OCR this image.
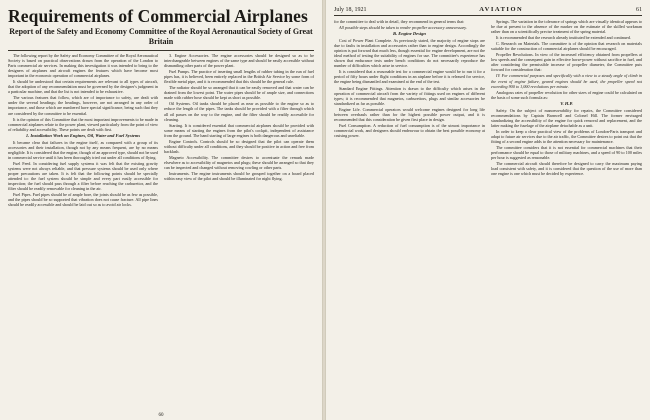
Requirements of Commercial Airplanes
Report of the Safety and Economy Committee of the Royal Aeronautical Society of Great Britain

The following report by the Safety and Economy Committee of the Royal Aeronautical Society is based on practical observations drawn from the operation of the London to Paris commercial air services. In making this investigation it was intended to bring to the designers of airplanes and aircraft engines the features which have become most important in the economic operation of commercial airplanes.

It should be understood that certain requirements are relevant to all types of aircraft, that the adoption of any recommendation must be governed by the designer's judgment in a particular machine, and that the list is not intended to be exhaustive.

The various features that follow, which are of importance to safety, are dealt with under the several headings; the headings, however, are not arranged in any order of importance, and those which are numbered have special significance, being such that they are considered by the committee to be essential.

It is the opinion of this Committee that the most important improvements to be made in commercial airplanes relate to the power plant, viewed particularly from the point of view of reliability and accessibility. These points are dealt with first.

1. Installation Work on Engines, Oil, Water and Fuel Systems

It became clear that failures in the engine itself, as compared with a group of its accessories and their installation, though not by any means frequent, are by no means negligible. It is considered that the engine, though of an approved type, should not be used in commercial service until it has been thoroughly tried out under all conditions of flying.

Fuel Feed. In considering fuel supply systems it was felt that the existing gravity systems were not always reliable, and that pressure systems should be used only where proper precautions are taken. It is felt that the following points should be specially attended to: the fuel system should be simple and every part easily accessible for inspection; the fuel should pass through a filter before reaching the carburettor, and the filter should be readily removable for cleaning in the air.

Fuel Pipes. Fuel pipes should be of ample bore, the joints should be as few as possible, and the pipes should be so supported that vibration does not cause fracture. All pipe lines should be readily accessible and should be laid out so as to avoid air locks.

3. Engine Accessories. The engine accessories should be designed so as to be interchangeable between engines of the same type and should be easily accessible without dismantling other parts of the power plant.

Fuel Pumps. The practice of inserting small lengths of rubber tubing in the run of fuel pipes has, it is believed, been entirely replaced in the British Air Service by some form of flexible metal pipe, and it is recommended that this should be the general rule.

The radiator should be so arranged that it can be easily removed and that water can be drained from the lowest point. The water pipes should be of ample size, and connections made with rubber hose should be kept as short as possible.

Oil Systems. Oil tanks should be placed as near as possible to the engine so as to reduce the length of the pipes. The tanks should be provided with a filter through which all oil passes on the way to the engine, and the filter should be readily accessible for cleaning.

Starting. It is considered essential that commercial airplanes should be provided with some means of starting the engines from the pilot's cockpit, independent of assistance from the ground. The hand starting of large engines is both dangerous and unreliable.

Engine Controls. Controls should be so designed that the pilot can operate them without difficulty under all conditions, and they should be positive in action and free from backlash.

Magneto Accessibility. The committee desires to accentuate the remark made elsewhere as to accessibility of magnetos and plugs; these should be arranged so that they can be inspected and changed without removing cowling or other parts.

Instruments. The engine instruments should be grouped together on a board placed within easy view of the pilot and should be illuminated for night flying.

60
July 18, 1921	AVIATION	61

for the committee to deal with in detail, they recommend in general terms that:

All possible steps should be taken to render propeller accessory unnecessary.

B. Engine Design

Cost of Power Plant Complete. As previously stated, the majority of engine stops are due to faults in installation and accessories rather than to engine design. Accordingly the opinion is put forward that much less, though essential for engine development, are not the ideal method of testing the suitability of engines for use. The committee's experience has shown that endurance tests under bench conditions do not necessarily reproduce the number of difficulties which arise in service.

It is considered that a reasonable test for a commercial engine would be to run it for a period of fifty hours under flight conditions in an airplane before it is released for service, the engine being dismantled and examined at the end of the test.

Standard Engine Fittings. Attention is drawn to the difficulty which arises in the operation of commercial aircraft from the variety of fittings used on engines of different types; it is recommended that magnetos, carburettors, plugs and similar accessories be standardized as far as possible.

Engine Life. Commercial operators would welcome engines designed for long life between overhauls rather than for the highest possible power output, and it is recommended that this consideration be given first place in design.

Fuel Consumption. A reduction of fuel consumption is of the utmost importance in commercial work, and designers should endeavour to obtain the best possible economy at cruising power.

Springs. The variation in the tolerance of springs which are visually identical appears to be due at present to the absence of the marker on the estimate of the skilled workman rather than on a scientifically precise treatment of the spring material.

It is recommended that the research already instituted be extended and continued.

C. Research on Materials. The committee is of the opinion that research on materials suitable for the construction of commercial airplanes should be encouraged.

Propeller Revolutions. In view of the increased efficiency obtained from propellers at low speeds and the consequent gain in effective horse-power without sacrifice in fuel, and after considering the permissible increase of propeller diameter, the Committee puts forward for consideration that:

IV. For commercial purposes and specifically with a view to a steady angle of climb in the event of engine failure, geared engines should be used, the propeller speed not exceeding 900 to 1,000 revolutions per minute.

Analogous rates of propeller revolution for other sizes of engine could be calculated on the basis of some such formula as:

V. H.P.

Safety. On the subject of manoeuvrability for repairs, the Committee considered recommendations by Captain Barnwell and Colonel Hill. The former envisaged standardizing the accessibility of the engine for quick removal and replacement, and the latter making the fuselage of the airplane detachable as a unit.

In order to keep a clear practical view of the problems of London-Paris transport and adapt to future air services due to the air traffic, the Committee desires to point out that the fitting of a second engine adds to the attention necessary for maintenance.

The committee considers that it is not essential for commercial machines that their performance should be equal to those of military machines, and a speed of 90 to 100 miles per hour is suggested as reasonable.

The commercial aircraft should therefore be designed to carry the maximum paying load consistent with safety, and it is considered that the question of the use of more than one engine is one which must be decided by experience.
